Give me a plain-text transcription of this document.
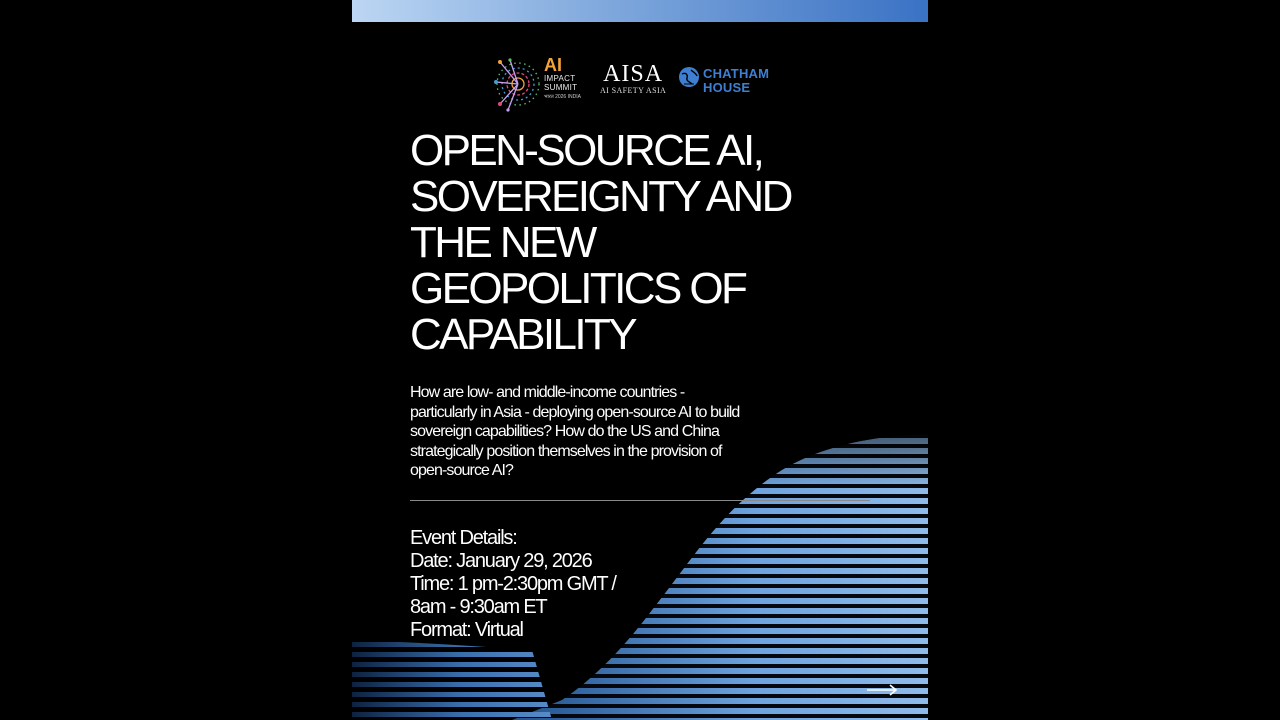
AI
IMPACT
SUMMIT
भारत 2026 INDIA
AISA
AI SAFETY ASIA
CHATHAM
HOUSE
OPEN-SOURCE AI,
SOVEREIGNTY AND
THE NEW
GEOPOLITICS OF
CAPABILITY
How are low- and middle-income countries -
particularly in Asia - deploying open-source AI to build
sovereign capabilities? How do the US and China
strategically position themselves in the provision of
open-source AI?
Event Details:
Date: January 29, 2026
Time: 1 pm-2:30pm GMT /
8am - 9:30am ET
Format: Virtual
